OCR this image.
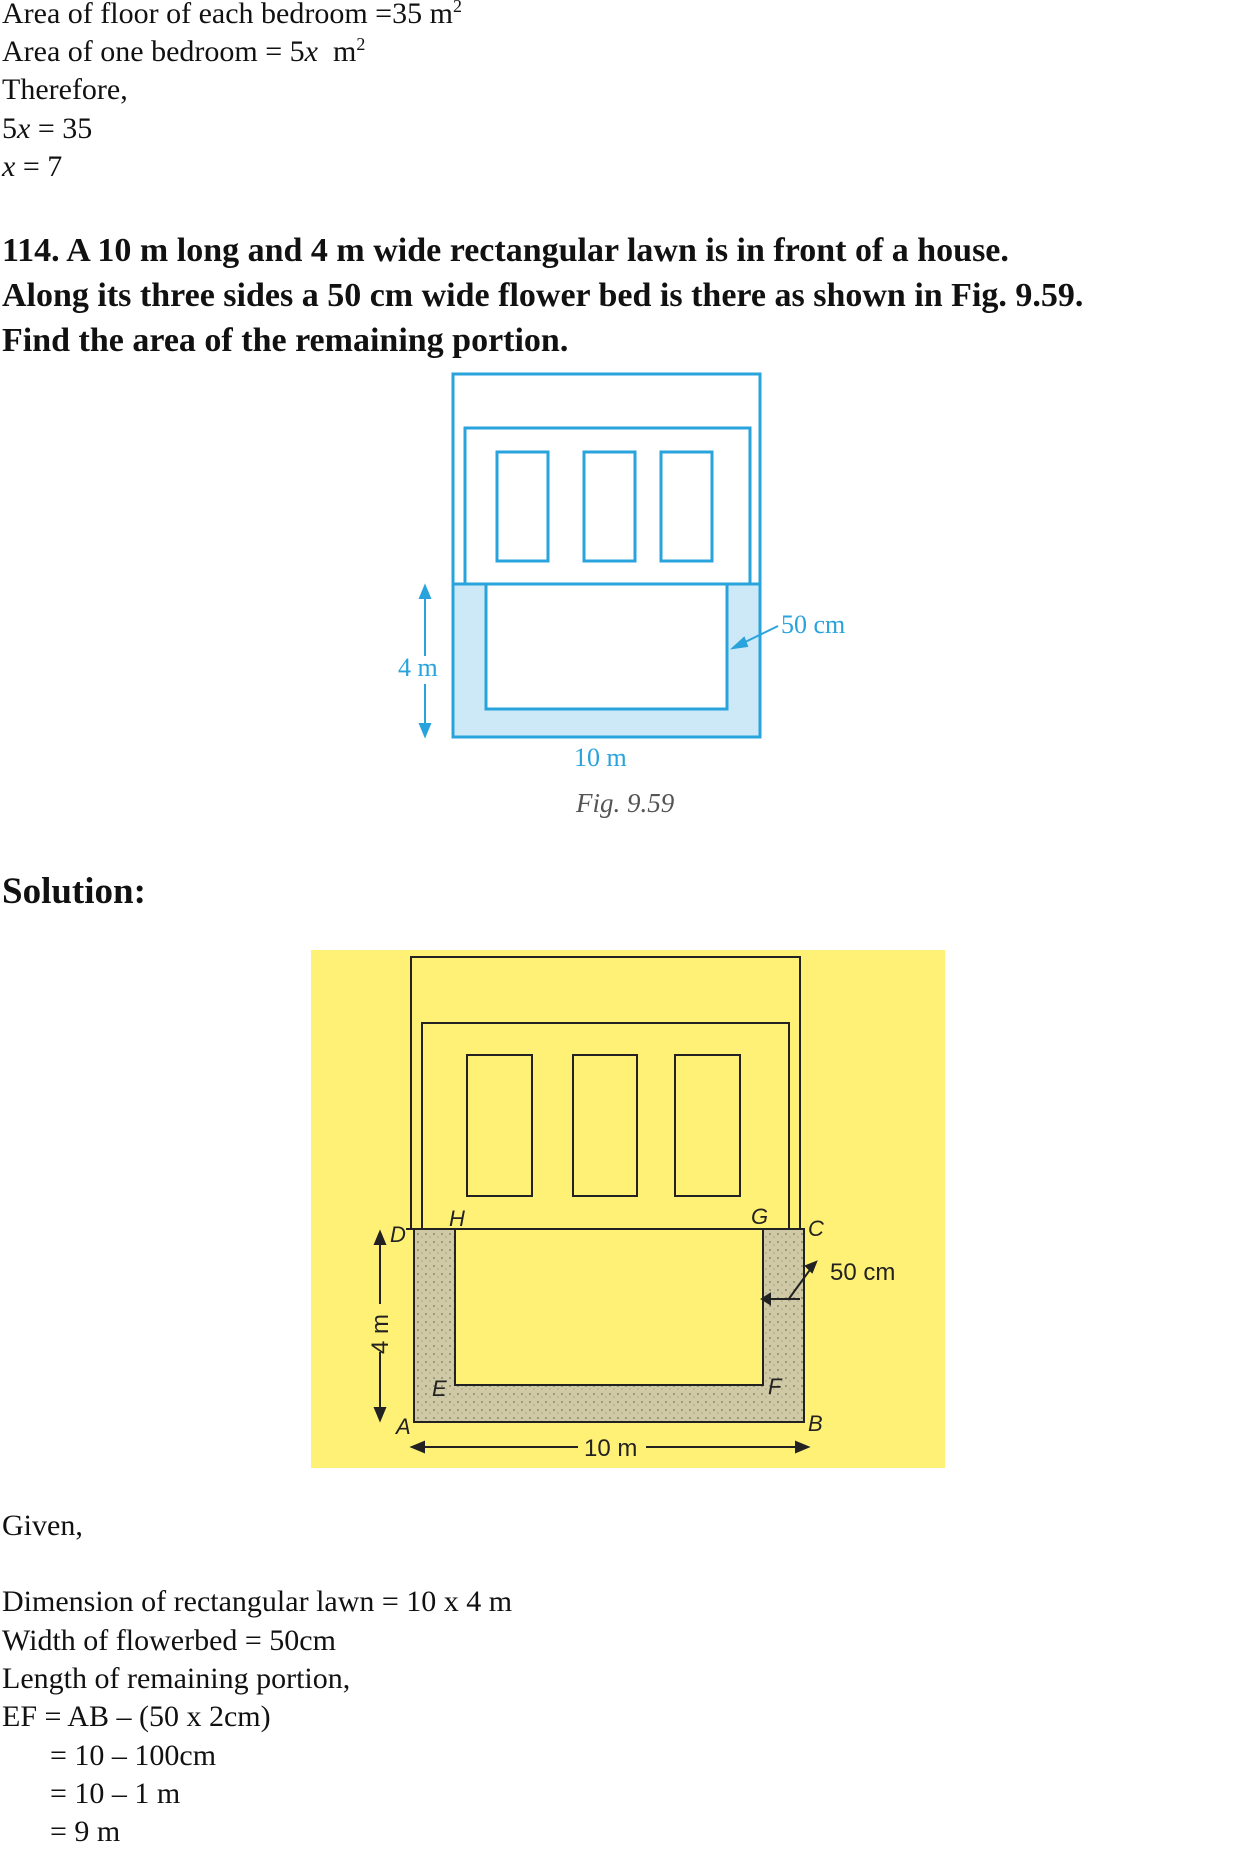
Area of floor of each bedroom =35 $m^2$
Area of one bedroom = 5x  $m^2$
Therefore,
5x = 35
x = 7
114. A 10 m long and 4 m wide rectangular lawn is in front of a house.
Along its three sides a 50 cm wide flower bed is there as shown in Fig. 9.59.
Find the area of the remaining portion.
4 m
50 cm
10 m
Fig. 9.59
Solution:
4 m
10 m
50 cm
D
H	G C
E	F
A	B
Given,
Dimension of rectangular lawn = 10 x 4 m
Width of flowerbed = 50cm
Length of remaining portion,
EF = AB – (50 x 2cm)
= 10 – 100cm
= 10 – 1 m
= 9 m
